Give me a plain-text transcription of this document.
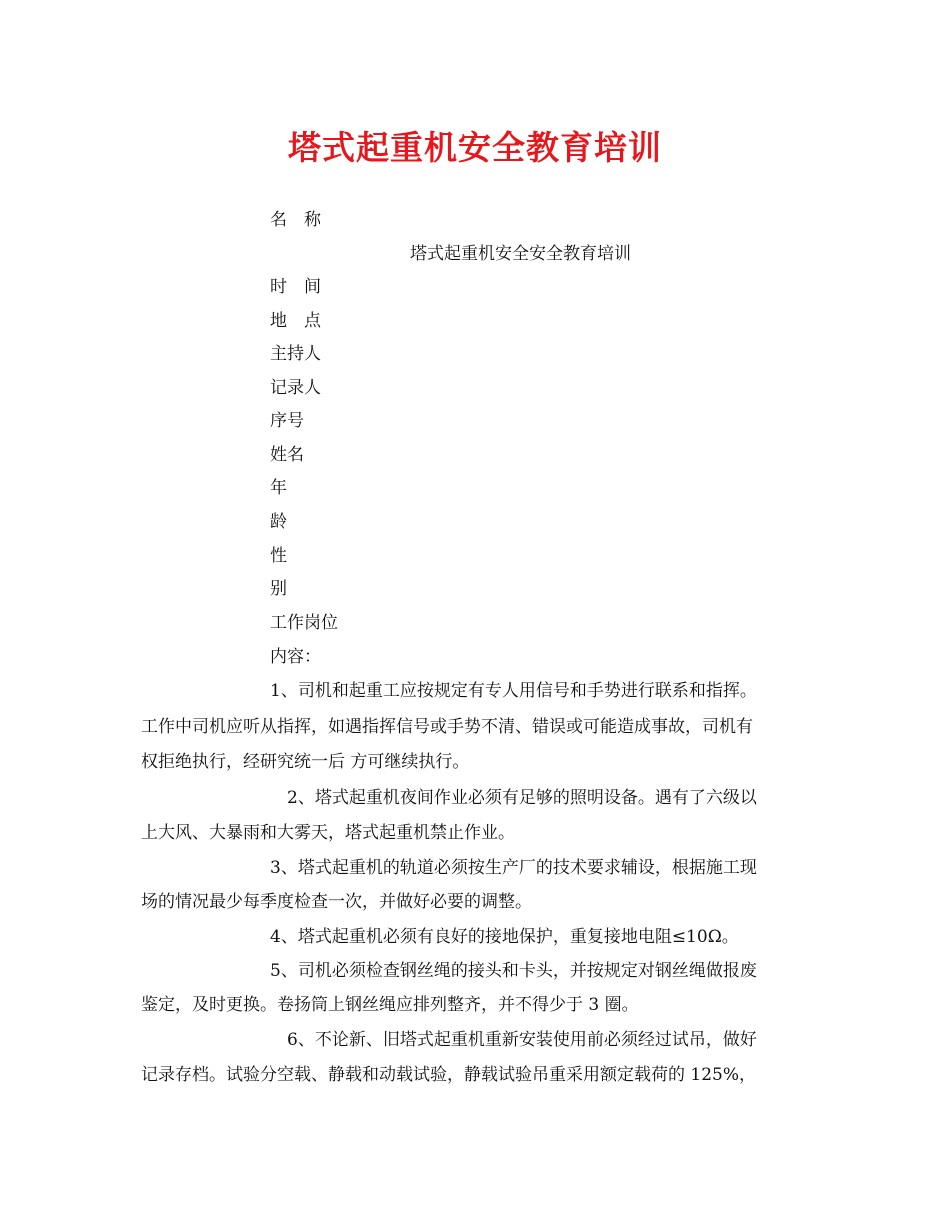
塔式起重机安全教育培训
名　称
塔式起重机安全安全教育培训
时　间
地　点
主持人
记录人
序号
姓名
年
龄
性
别
工作岗位
内容：
1、司机和起重工应按规定有专人用信号和手势进行联系和指挥。
工作中司机应听从指挥，如遇指挥信号或手势不清、错误或可能造成事故，司机有
权拒绝执行，经研究统一后 方可继续执行。
2、塔式起重机夜间作业必须有足够的照明设备。遇有了六级以
上大风、大暴雨和大雾天，塔式起重机禁止作业。
3、塔式起重机的轨道必须按生产厂的技术要求辅设，根据施工现
场的情况最少每季度检查一次，并做好必要的调整。
4、塔式起重机必须有良好的接地保护，重复接地电阻≤10Ω。
5、司机必须检查钢丝绳的接头和卡头，并按规定对钢丝绳做报废
鉴定，及时更换。卷扬筒上钢丝绳应排列整齐，并不得少于 3 圈。
6、不论新、旧塔式起重机重新安装使用前必须经过试吊，做好
记录存档。试验分空载、静载和动载试验，静载试验吊重采用额定载荷的 125%，
